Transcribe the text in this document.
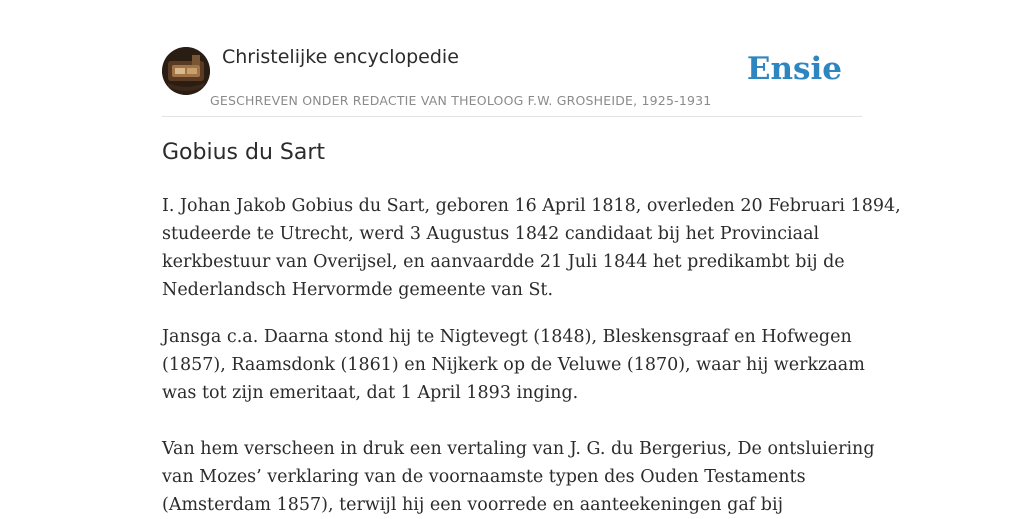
Christelijke encyclopedie
GESCHREVEN ONDER REDACTIE VAN THEOLOOG F.W. GROSHEIDE, 1925-1931
Ensie
Gobius du Sart

I. Johan Jakob Gobius du Sart, geboren 16 April 1818, overleden 20 Februari 1894,
studeerde te Utrecht, werd 3 Augustus 1842 candidaat bij het Provinciaal
kerkbestuur van Overijsel, en aanvaardde 21 Juli 1844 het predikambt bij de
Nederlandsch Hervormde gemeente van St.

Jansga c.a. Daarna stond hij te Nigtevegt (1848), Bleskensgraaf en Hofwegen
(1857), Raamsdonk (1861) en Nijkerk op de Veluwe (1870), waar hij werkzaam
was tot zijn emeritaat, dat 1 April 1893 inging.

Van hem verscheen in druk een vertaling van J. G. du Bergerius, De ontsluiering
van Mozes’ verklaring van de voornaamste typen des Ouden Testaments
(Amsterdam 1857), terwijl hij een voorrede en aanteekeningen gaf bij
